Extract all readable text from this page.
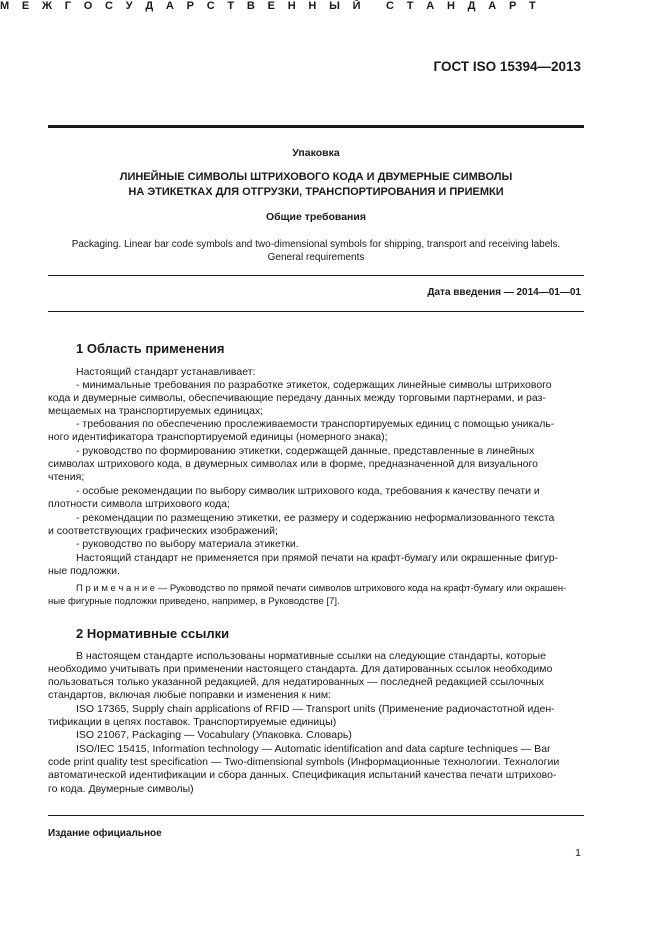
ГОСТ ISO 15394—2013
М Е Ж Г О С У Д А Р С Т В Е Н Н Ы Й С Т А Н Д А Р Т
Упаковка
ЛИНЕЙНЫЕ СИМВОЛЫ ШТРИХОВОГО КОДА И ДВУМЕРНЫЕ СИМВОЛЫ
НА ЭТИКЕТКАХ ДЛЯ ОТГРУЗКИ, ТРАНСПОРТИРОВАНИЯ И ПРИЕМКИ
Общие требования
Packaging. Linear bar code symbols and two-dimensional symbols for shipping, transport and receiving labels.
General requirements
Дата введения — 2014—01—01
1 Область применения
Настоящий стандарт устанавливает:
- минимальные требования по разработке этикеток, содержащих линейные символы штрихового
кода и двумерные символы, обеспечивающие передачу данных между торговыми партнерами, и раз-
мещаемых на транспортируемых единицах;
- требования по обеспечению прослеживаемости транспортируемых единиц с помощью уникаль-
ного идентификатора транспортируемой единицы (номерного знака);
- руководство по формированию этикетки, содержащей данные, представленные в линейных
символах штрихового кода, в двумерных символах или в форме, предназначенной для визуального
чтения;
- особые рекомендации по выбору символик штрихового кода, требования к качеству печати и
плотности символа штрихового кода;
- рекомендации по размещению этикетки, ее размеру и содержанию неформализованного текста
и соответствующих графических изображений;
- руководство по выбору материала этикетки.
Настоящий стандарт не применяется при прямой печати на крафт-бумагу или окрашенные фигур-
ные подложки.
П р и м е ч а н и е — Руководство по прямой печати символов штрихового кода на крафт-бумагу или окрашен-
ные фигурные подложки приведено, например, в Руководстве [7].
2 Нормативные ссылки
В настоящем стандарте использованы нормативные ссылки на следующие стандарты, которые
необходимо учитывать при применении настоящего стандарта. Для датированных ссылок необходимо
пользоваться только указанной редакцией, для недатированных — последней редакцией ссылочных
стандартов, включая любые поправки и изменения к ним:
ISO 17365, Supply chain applications of RFID — Transport units (Применение радиочастотной иден-
тификации в цепях поставок. Транспортируемые единицы)
ISO 21067, Packaging — Vocabulary (Упаковка. Словарь)
ISO/IEC 15415, Information technology — Automatic identification and data capture techniques — Bar
code print quality test specification — Two-dimensional symbols (Информационные технологии. Технологии
автоматической идентификации и сбора данных. Спецификация испытаний качества печати штрихово-
го кода. Двумерные символы)
Издание официальное
1
